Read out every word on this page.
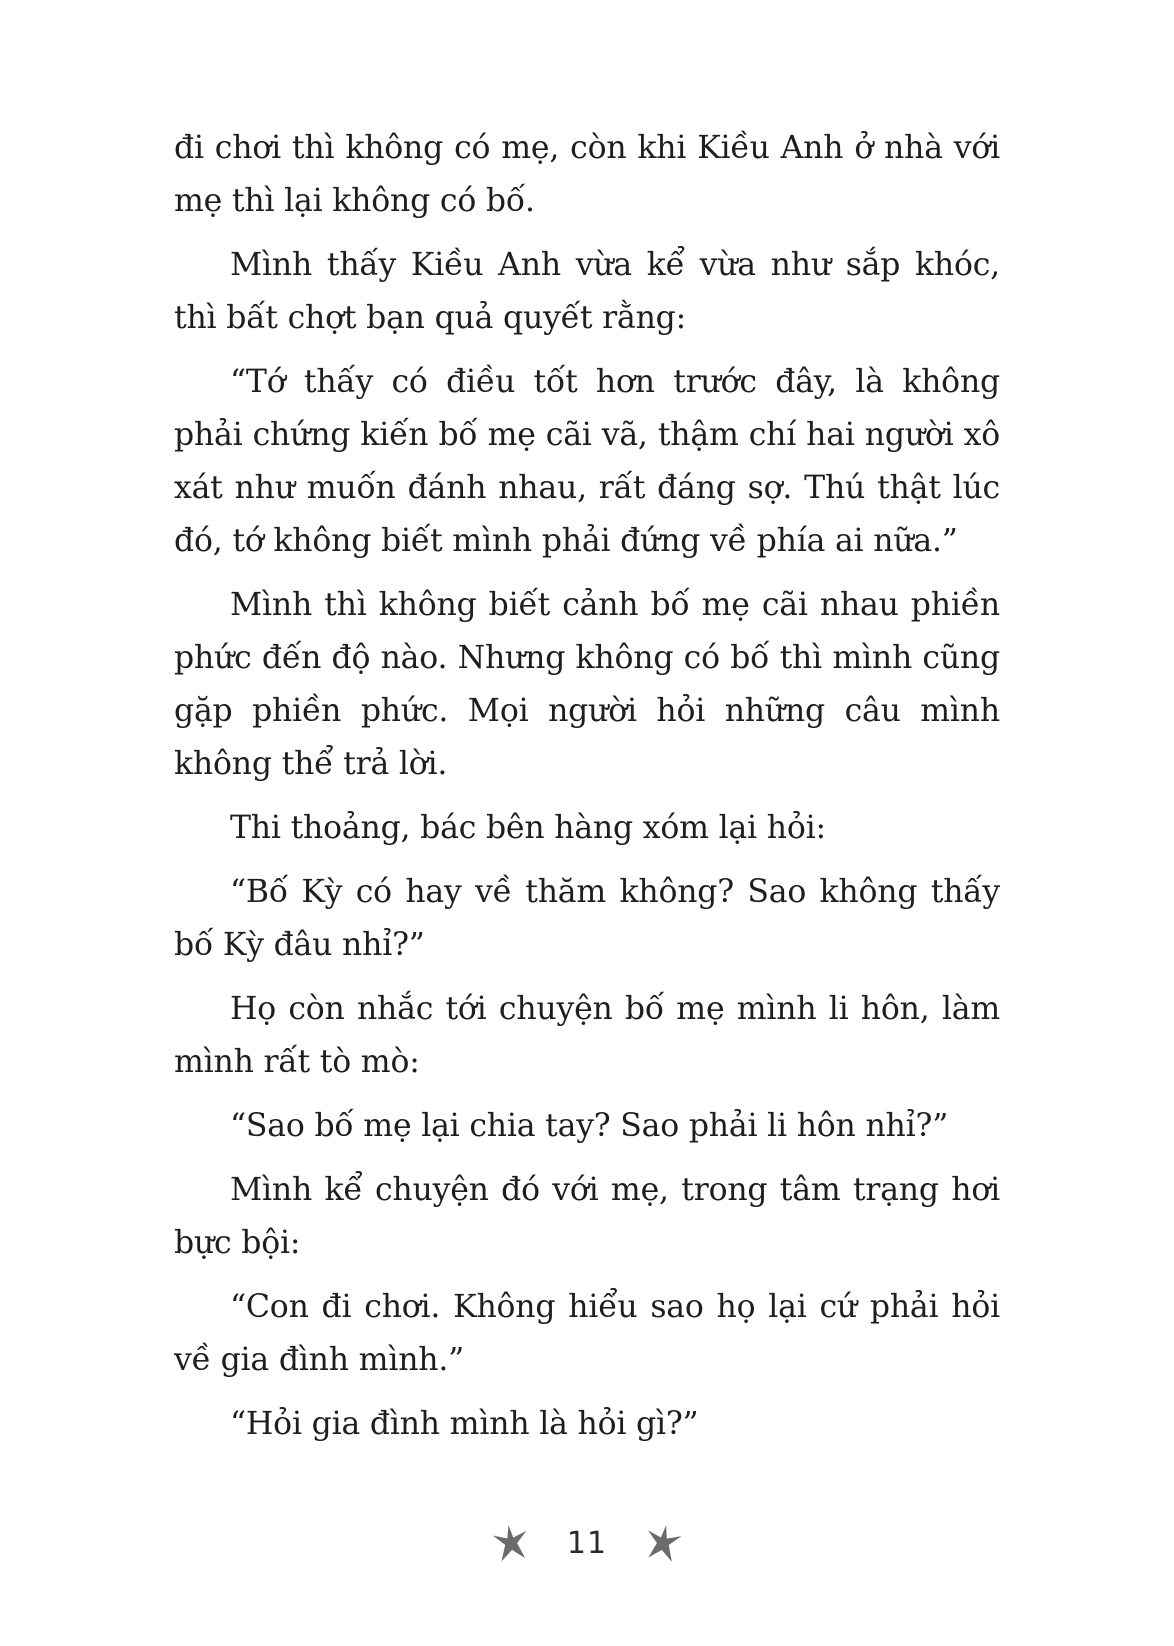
đi chơi thì không có mẹ, còn khi Kiều Anh ở nhà với mẹ thì lại không có bố.

Mình thấy Kiều Anh vừa kể vừa như sắp khóc, thì bất chợt bạn quả quyết rằng:

“Tớ thấy có điều tốt hơn trước đây, là không phải chứng kiến bố mẹ cãi vã, thậm chí hai người xô xát như muốn đánh nhau, rất đáng sợ. Thú thật lúc đó, tớ không biết mình phải đứng về phía ai nữa.”

Mình thì không biết cảnh bố mẹ cãi nhau phiền phức đến độ nào. Nhưng không có bố thì mình cũng gặp phiền phức. Mọi người hỏi những câu mình không thể trả lời.

Thi thoảng, bác bên hàng xóm lại hỏi:

“Bố Kỳ có hay về thăm không? Sao không thấy bố Kỳ đâu nhỉ?”

Họ còn nhắc tới chuyện bố mẹ mình li hôn, làm mình rất tò mò:

“Sao bố mẹ lại chia tay? Sao phải li hôn nhỉ?”

Mình kể chuyện đó với mẹ, trong tâm trạng hơi bực bội:

“Con đi chơi. Không hiểu sao họ lại cứ phải hỏi về gia đình mình.”

“Hỏi gia đình mình là hỏi gì?”

11
